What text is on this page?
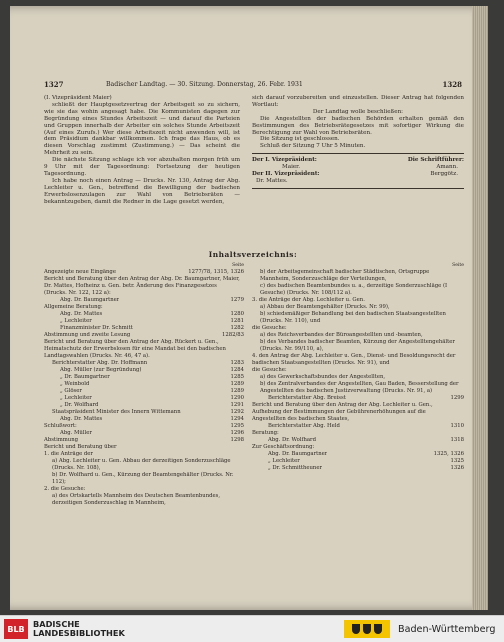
1327	Badischer Landtag. — 30. Sitzung. Donnerstag, 26. Febr. 1931	1328

(I. Vizepräsident Maier)

schließt der Hauptgesetzvertrag der Arbeitsgeit so zu sichern, wie sie das wohin angesagt habe. Die Kommunisten dagegen zur Begründung eines Stundes Arbeitszeit — und darauf die Parteien und Gruppen innerhalb der Arbeiter ein solches Stunde Arbeitszeit (Auf eines Zurufs.) Wer diese Arbeitszeit nicht anwenden will, ist dem Präsidium dankbar willkommen. Ich frage das Haus, ob es diesen Vorschlag zustimmt (Zustimmung.) — Das scheint die Mehrheit zu sein.

Die nächste Sitzung schlage ich vor abzuhalten morgen früh um 9 Uhr mit der Tagesordnung: Fortsetzung der heutigen Tagesordnung.

Ich habe noch einen Antrag — Drucks. Nr. 130, Antrag der Abg. Lechleiter u. Gen., betreffend die Bewilligung der badischen Erwerbslosenzulagen zur Wahl von Betriebsräten — bekanntzugeben, damit die Redner in die Lage gesetzt werden,

sich darauf vorzubereiten und einzustellen. Dieser Antrag hat folgenden Wortlaut:

Der Landtag wolle beschließen:

Die Angestellten der badischen Behörden erhalten gemäß den Bestimmungen des Betriebsrätegesetzes mit sofortiger Wirkung die Berechtigung zur Wahl von Betriebsräten.

Die Sitzung ist geschlossen.

Schluß der Sitzung 7 Uhr 5 Minuten.

Der I. Vizepräsident:	Die Schriftführer:

Maier.	Amann.

Der II. Vizepräsident:	Berggötz.

Dr. Mattes.

Inhaltsverzeichnis:
Seite
Angezeigte neue Eingänge	1277/78, 1315, 1326
Bericht und Beratung über den Antrag der Abg. Dr. Baumgartner, Maier, Dr. Mattes, Hofheinz u. Gen. betr. Änderung des Finanzgesetzes (Drucks. Nr. 122, 122 a):
Abg. Dr. Baumgartner	1279
Allgemeine Beratung:
Abg. Dr. Mattes	1280
„ Lechleiter	1281
Finanzminister Dr. Schmitt	1282
Abstimmung und zweite Lesung	1282/83
Bericht und Beratung über den Antrag der Abg. Rückert u. Gen., Heimatschutz der Erwerbslosen für eine Mandat bei den badischen Landtagswahlen (Drucks. Nr. 46, 47 a).
Berichterstatter Abg. Dr. Hoffmann	1283
Abg. Müller (zur Begründung)	1284
„ Dr. Baumgartner	1285
„ Weinbold	1289
„ Glöser	1289
„ Lechleiter	1290
„ Dr. Wolfhard	1291
Staatspräsident Minister des Innern Wittemann	1292
Abg. Dr. Mattes	1294
Schlußwort:	1295
Abg. Müller	1296
Abstimmung	1298
Bericht und Beratung über
1. die Anträge der
a) Abg. Lechleiter u. Gen. Abbau der derzeitigen Sonderzuschläge (Drucks. Nr. 108),
b) Dr. Wolfhard u. Gen., Kürzung der Beamtengehälter (Drucks. Nr. 112);
2. die Gesuche:
a) des Ortskartells Mannheim des Deutschen Beamtenbundes, derzeitigen Sonderzuschlag in Mannheim,
Seite
b) der Arbeitsgemeinschaft badischer Städtischen, Ortsgruppe Mannheim, Sonderzuschläge der Verteilungen,
c) des badischen Beamtenbundes u. a., derzeitige Sonderzuschläge (I Gesuche) (Drucks. Nr. 108/112 a).
3. die Anträge der Abg. Lechleiter u. Gen.
a) Abbau der Beamtengehälter (Drucks. Nr. 99),
b) schiedsmäßiger Behandlung bei den badischen Staatsangestellten (Drucks. Nr. 110), und
die Gesuche:
a) des Reichsverbandes der Büroangestellten und -beamten,
b) des Verbandes badischer Beamten, Kürzung der Angestelltengehälter (Drucks. Nr. 99/110, a),
4. den Antrag der Abg. Lechleiter u. Gen., Dienst- und Besoldungsrecht der badischen Staatsangestellten (Drucks. Nr. 91), und
die Gesuche:
a) des Gewerkschaftsbundes der Angestellten,
b) des Zentralverbandes der Angestellten, Gau Baden, Besserstellung der Angestellten des badischen Justizverwaltung (Drucks. Nr. 91, a)
Berichterstatter Abg. Breisst	1299
Bericht und Beratung über den Antrag der Abg. Lechleiter u. Gen., Aufhebung der Bestimmungen der Gebührenerhöhungen auf die Angestellten des badischen Staates,
Berichterstatter Abg. Held	1310
Beratung:
Abg. Dr. Wolfhard	1318
Zur Geschäftsordnung:
Abg. Dr. Baumgartner	1325, 1326
„ Lechleiter	1325
„ Dr. Schmittheuner	1326
BLB	BADISCHE
LANDESBIBLIOTHEK	Baden-Württemberg
